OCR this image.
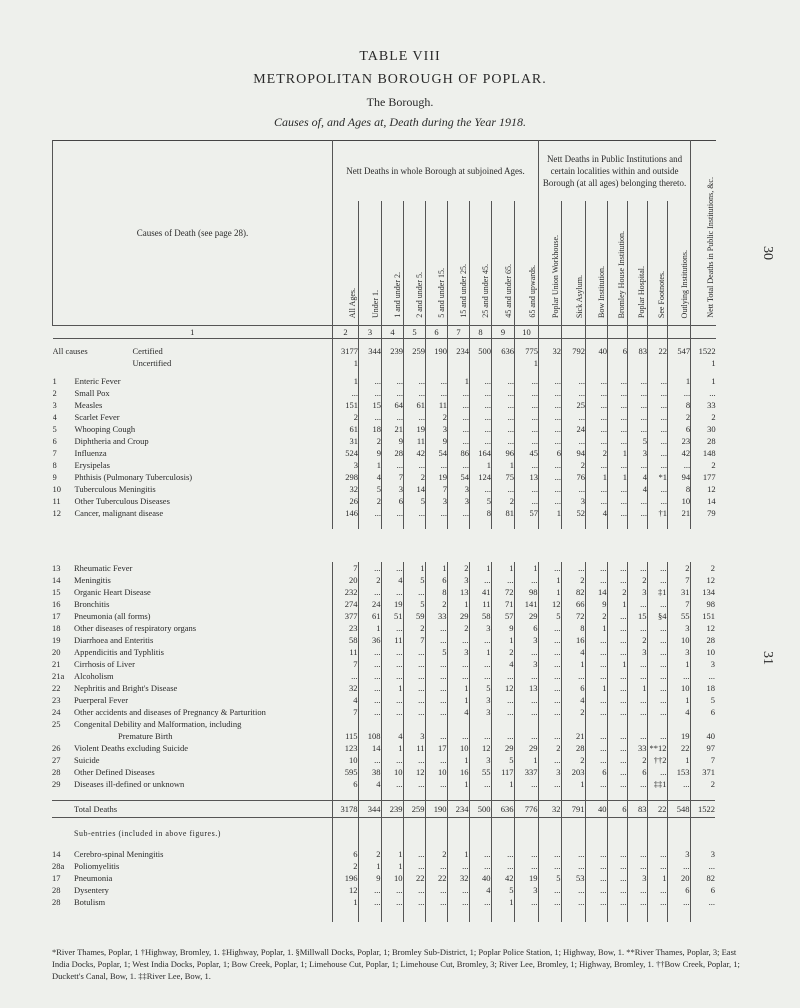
TABLE VIII
METROPOLITAN BOROUGH OF POPLAR.
The Borough.
Causes of, and Ages at, Death during the Year 1918.
30
31
Causes of Death (see page 28).	Nett Deaths in whole Borough at subjoined Ages.									Nett Deaths in Public Institutions and certain localities within and outside Borough (at all ages) belonging thereto.							Nett Total Deaths in Public Institutions, &c.
	All Ages.	Under 1.	1 and under 2.	2 and under 5.	5 and under 15.	15 and under 25.	25 and under 45.	45 and under 65.	65 and upwards.	Poplar Union Workhouse.	Sick Asylum.	Bow Institution.	Bromley House Institution.	Poplar Hospital.	See Footnotes.	Outlying Institutions.	
1	2	3	4	5	6	7	8	9	10								

All causes Certified	3177	344	239	259	190	234	500	636	775	32	792	40	6	83	22	547	1522
Uncertified	1								1								1

1 Enteric Fever	1	...	...	...	...	1	...	...	...	...	...	...	...	...	...	1	1
2 Small Pox	...	...	...	...	...	...	...	...	...	...	...	...	...	...	...	...	...
3 Measles	151	15	64	61	11	...	...	...	...	...	25	...	...	...	...	8	33
4 Scarlet Fever	2	...	...	...	2	...	...	...	...	...	...	...	...	...	...	2	2
5 Whooping Cough	61	18	21	19	3	...	...	...	...	...	24	...	...	...	...	6	30
6 Diphtheria and Croup	31	2	9	11	9	...	...	...	...	...	...	...	...	5	...	23	28
7 Influenza	524	9	28	42	54	86	164	96	45	6	94	2	1	3	...	42	148
8 Erysipelas	3	1	...	...	...	...	1	1	...	...	2	...	...	...	...	...	2
9 Phthisis (Pulmonary Tuberculosis)	298	4	7	2	19	54	124	75	13	...	76	1	1	4	*1	94	177
10 Tuberculous Meningitis	32	5	3	14	7	3	...	...	...	...	...	...	...	4	...	8	12
11 Other Tuberculous Diseases	26	2	6	5	3	3	5	2	...	...	3	...	...	...	...	10	14
12 Cancer, malignant disease	146	...	...	...	...	...	8	81	57	1	52	4	...	...	†1	21	79

13 Rheumatic Fever	7	...	...	1	1	2	1	1	1	...	...	...	...	...	...	2	2
14 Meningitis	20	2	4	5	6	3	...	...	...	1	2	...	...	2	...	7	12
15 Organic Heart Disease	232	...	...	...	8	13	41	72	98	1	82	14	2	3	‡1	31	134
16 Bronchitis	274	24	19	5	2	1	11	71	141	12	66	9	1	...	...	7	98
17 Pneumonia (all forms)	377	61	51	59	33	29	58	57	29	5	72	2	...	15	§4	55	151
18 Other diseases of respiratory organs	23	1	...	2	...	2	3	9	6	...	8	1	...	...	...	3	12
19 Diarrhoea and Enteritis	58	36	11	7	...	...	...	1	3	...	16	...	...	2	...	10	28
20 Appendicitis and Typhlitis	11	...	...	...	5	3	1	2	...	...	4	...	...	3	...	3	10
21 Cirrhosis of Liver	7	...	...	...	...	...	...	4	3	...	1	...	1	...	...	1	3
21a Alcoholism	...	...	...	...	...	...	...	...	...	...	...	...	...	...	...	...	...
22 Nephritis and Bright's Disease	32	...	1	...	...	1	5	12	13	...	6	1	...	1	...	10	18
23 Puerperal Fever	4	...	...	...	...	1	3	...	...	...	4	...	...	...	...	1	5
24 Other accidents and diseases of Pregnancy & Parturition	7	...	...	...	...	4	3	...	...	...	2	...	...	...	...	4	6
25 Congenital Debility and Malformation, including																	
Premature Birth	115	108	4	3	...	...	...	...	...	...	21	...	...	...	...	19	40
26 Violent Deaths excluding Suicide	123	14	1	11	17	10	12	29	29	2	28	...	...	33	**12	22	97
27 Suicide	10	...	...	...	...	1	3	5	1	...	2	...	...	2	††2	1	7
28 Other Defined Diseases	595	38	10	12	10	16	55	117	337	3	203	6	...	6	...	153	371
29 Diseases ill-defined or unknown	6	4	...	...	...	1	...	1	...	...	1	...	...	...	‡‡1	...	2

Total Deaths	3178	344	239	259	190	234	500	636	776	32	791	40	6	83	22	548	1522
Sub-entries (included in above figures.)																	

14 Cerebro-spinal Meningitis	6	2	1	...	2	1	...	...	...	...	...	...	...	...	...	3	3
28a Poliomyelitis	2	1	1	...	...	...	...	...	...	...	...	...	...	...	...	...	...
17 Pneumonia	196	9	10	22	22	32	40	42	19	5	53	...	...	3	1	20	82
28 Dysentery	12	...	...	...	...	...	4	5	3	...	...	...	...	...	...	6	6
28 Botulism	1	...	...	...	...	...	...	1	...	...	...	...	...	...	...	...	...

*River Thames, Poplar, 1 †Highway, Bromley, 1. ‡Highway, Poplar, 1. §Millwall Docks, Poplar, 1; Bromley Sub-District, 1; Poplar Police Station, 1; Highway, Bow, 1. **River Thames, Poplar, 3; East India Docks, Poplar, 1; West India Docks, Poplar, 1; Bow Creek, Poplar, 1; Limehouse Cut, Poplar, 1; Limehouse Cut, Bromley, 3; River Lee, Bromley, 1; Highway, Bromley, 1. ††Bow Creek, Poplar, 1; Duckett's Canal, Bow, 1. ‡‡River Lee, Bow, 1.
